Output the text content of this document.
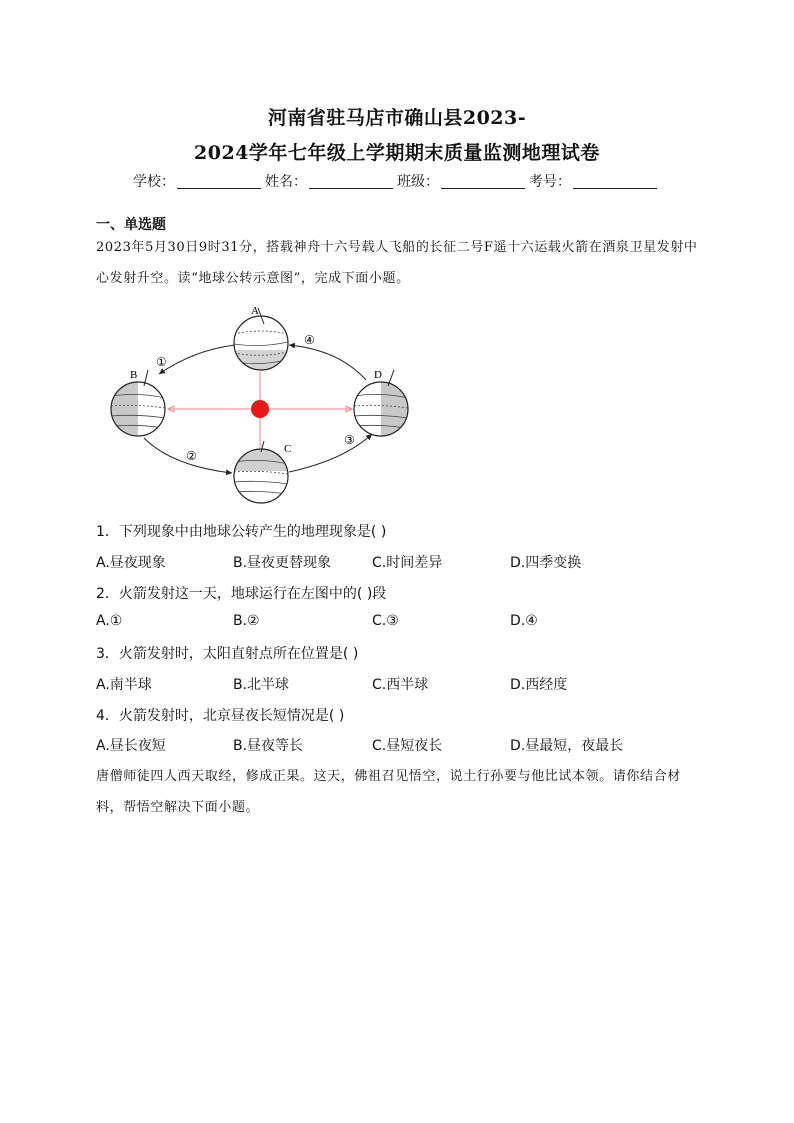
河南省驻马店市确山县2023-
2024学年七年级上学期期末质量监测地理试卷
学校：	姓名：	班级：	考号：
一、单选题
2023年5月30日9时31分，搭载神舟十六号载人飞船的长征二号F遥十六运载火箭在酒泉卫星发射中心发射升空。读“地球公转示意图”，完成下面小题。
A
B
C
D
①
②
③
④
1．下列现象中由地球公转产生的地理现象是( )
A.昼夜现象	B.昼夜更替现象	C.时间差异	D.四季变换
2．火箭发射这一天，地球运行在左图中的( )段
A.①	B.②	C.③	D.④
3．火箭发射时，太阳直射点所在位置是( )
A.南半球	B.北半球	C.西半球	D.西经度
4．火箭发射时，北京昼夜长短情况是( )
A.昼长夜短	B.昼夜等长	C.昼短夜长	D.昼最短，夜最长
唐僧师徒四人西天取经，修成正果。这天，佛祖召见悟空，说土行孙要与他比试本领。请你结合材料，帮悟空解决下面小题。
